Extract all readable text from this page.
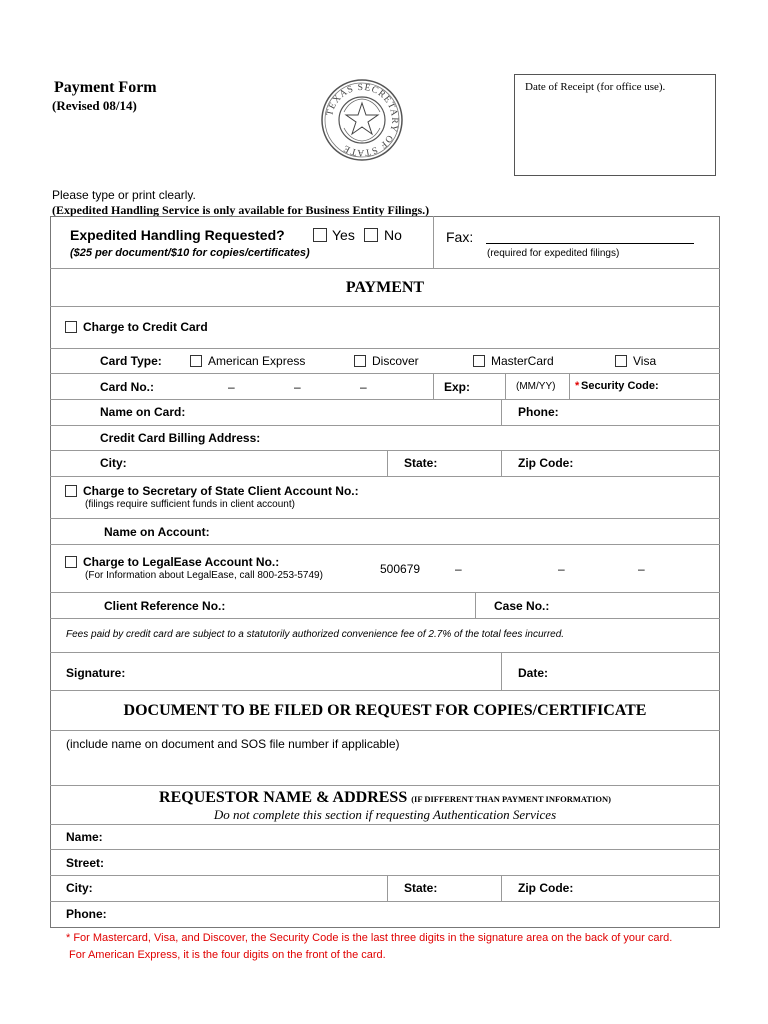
Payment Form
(Revised 08/14)	TEXAS SECRETARY OF STATE
Date of Receipt (for office use).
Please type or print clearly.
(Expedited Handling Service is only available for Business Entity Filings.)
Expedited Handling Requested?	Yes No
($25 per document/$10 for copies/certificates)
Fax:
(required for expedited filings)
PAYMENT
Charge to Credit Card
Card Type:	American Express	Discover	MasterCard	Visa
Card No.:	–	–	–	Exp:	(MM/YY) * Security Code:
Name on Card:	Phone:
Credit Card Billing Address:
City:	State:	Zip Code:
Charge to Secretary of State Client Account No.:
(filings require sufficient funds in client account)
Name on Account:
Charge to LegalEase Account No.:
(For Information about LegalEase, call 800-253-5749)	500679	–	–	–
Client Reference No.:	Case No.:
Fees paid by credit card are subject to a statutorily authorized convenience fee of 2.7% of the total fees incurred.
Signature:	Date:
DOCUMENT TO BE FILED OR REQUEST FOR COPIES/CERTIFICATE
(include name on document and SOS file number if applicable)
REQUESTOR NAME & ADDRESS (IF DIFFERENT THAN PAYMENT INFORMATION)
Do not complete this section if requesting Authentication Services
Name:
Street:
City:	State:	Zip Code:
Phone:
* For Mastercard, Visa, and Discover, the Security Code is the last three digits in the signature area on the back of your card.
For American Express, it is the four digits on the front of the card.
